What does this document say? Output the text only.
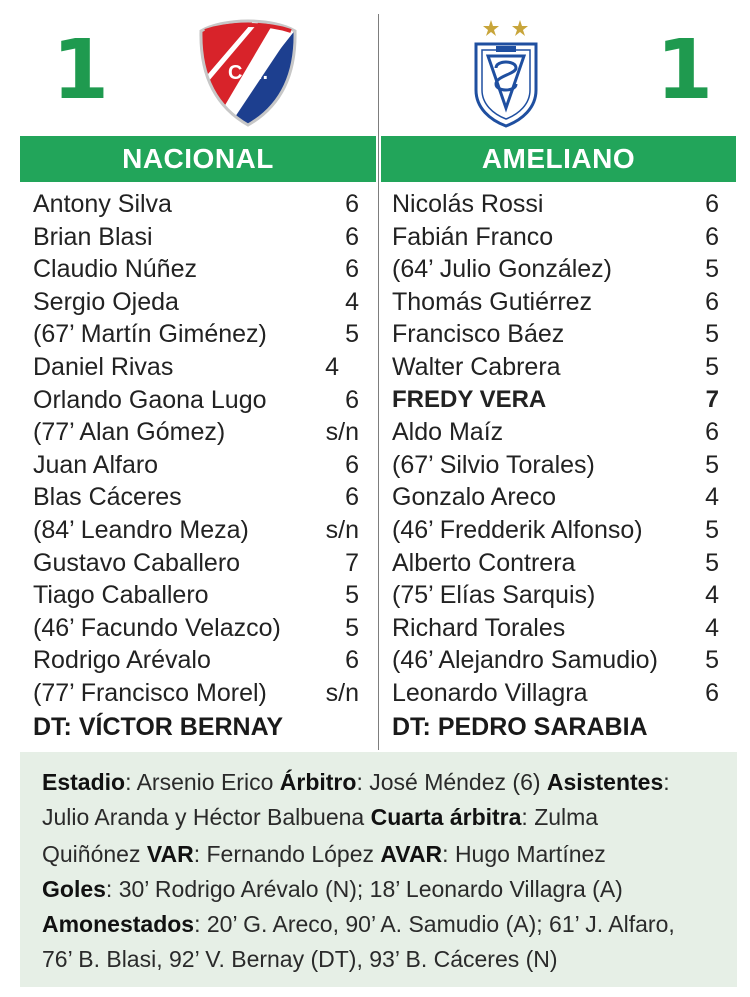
1	1
C.N.
NACIONAL	AMELIANO
Antony Silva	6
Brian Blasi	6
Claudio Núñez	6
Sergio Ojeda	4
(67’ Martín Giménez)	5
Daniel Rivas	4
Orlando Gaona Lugo	6
(77’ Alan Gómez)	s/n
Juan Alfaro	6
Blas Cáceres	6
(84’ Leandro Meza)	s/n
Gustavo Caballero	7
Tiago Caballero	5
(46’ Facundo Velazco)	5
Rodrigo Arévalo	6
(77’ Francisco Morel) s/n
DT: VÍCTOR BERNAY
Nicolás Rossi	6
Fabián Franco	6
(64’ Julio González)	5
Thomás Gutiérrez	6
Francisco Báez	5
Walter Cabrera	5
FREDY VERA	7
Aldo Maíz	6
(67’ Silvio Torales)	5
Gonzalo Areco	4
(46’ Fredderik Alfonso)	5
Alberto Contrera	5
(75’ Elías Sarquis)	4
Richard Torales	4
(46’ Alejandro Samudio) 5
Leonardo Villagra	6
DT: PEDRO SARABIA

Estadio: Arsenio Erico Árbitro: José Méndez (6) Asistentes:

Julio Aranda y Héctor Balbuena Cuarta árbitra: Zulma

Quiñónez VAR: Fernando López AVAR: Hugo Martínez

Goles: 30’ Rodrigo Arévalo (N); 18’ Leonardo Villagra (A)

Amonestados: 20’ G. Areco, 90’ A. Samudio (A); 61’ J. Alfaro,

76’ B. Blasi, 92’ V. Bernay (DT), 93’ B. Cáceres (N)
